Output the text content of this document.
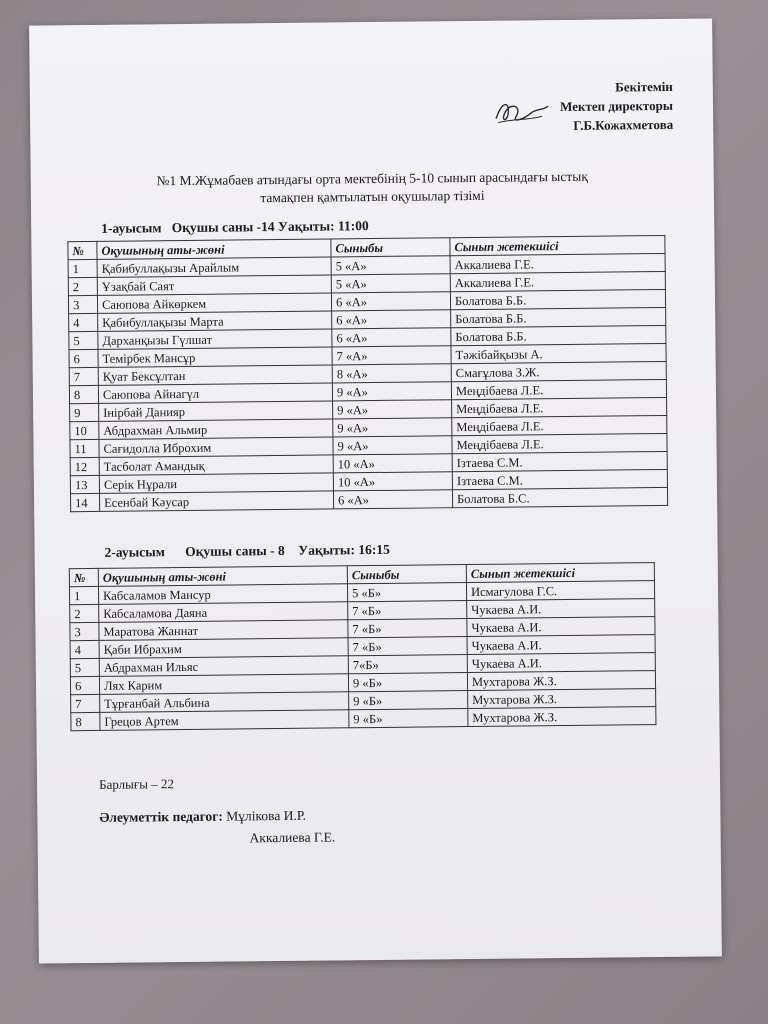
Бекітемін
Мектеп директоры
Г.Б.Кожахметова
№1 М.Жұмабаев атындағы орта мектебінің 5-10 сынып арасындағы ыстық
тамақпен қамтылатын оқушылар тізімі
1-ауысым   Оқушы саны -14 Уақыты: 11:00
№	Оқушының аты-жөні	Сыныбы	Сынып жетекшісі
1	Қабибуллақызы Арайлым	5 «А»	Аккалиева Г.Е.
2	Ұзақбай Саят	5 «А»	Аккалиева Г.Е.
3	Саюпова Айкөркем	6 «А»	Болатова Б.Б.
4	Қабибуллақызы Марта	6 «А»	Болатова Б.Б.
5	Дарханқызы Гүлшат	6 «А»	Болатова Б.Б.
6	Темірбек Мансұр	7 «А»	Тәжібайқызы А.
7	Қуат Бексұлтан	8 «А»	Смағұлова З.Ж.
8	Саюпова Айнагүл	9 «А»	Меңдібаева Л.Е.
9	Інірбай Данияр	9 «А»	Меңдібаева Л.Е.
10	Абдрахман Альмир	9 «А»	Меңдібаева Л.Е.
11	Сағидолла Иброхим	9 «А»	Меңдібаева Л.Е.
12	Тасболат Амандық	10 «А»	Ізтаева С.М.
13	Серік Нұрали	10 «А»	Ізтаева С.М.
14	Есенбай Кәусар	6 «А»	Болатова Б.С.
2-ауысым      Оқушы саны - 8    Уақыты: 16:15
№	Оқушының аты-жөні	Сыныбы	Сынып жетекшісі
1	Кабсаламов Мансур	5 «Б»	Исмагулова Г.С.
2	Кабсаламова Даяна	7 «Б»	Чукаева А.И.
3	Маратова Жаннат	7 «Б»	Чукаева А.И.
4	Қаби Ибрахим	7 «Б»	Чукаева А.И.
5	Абдрахман Ильяс	7«Б»	Чукаева А.И.
6	Лях Карим	9 «Б»	Мухтарова Ж.З.
7	Тұрғанбай Альбина	9 «Б»	Мухтарова Ж.З.
8	Грецов Артем	9 «Б»	Мухтарова Ж.З.
Барлығы – 22
Әлеуметтік педагог: Мұлікова И.Р.
Аккалиева Г.Е.
